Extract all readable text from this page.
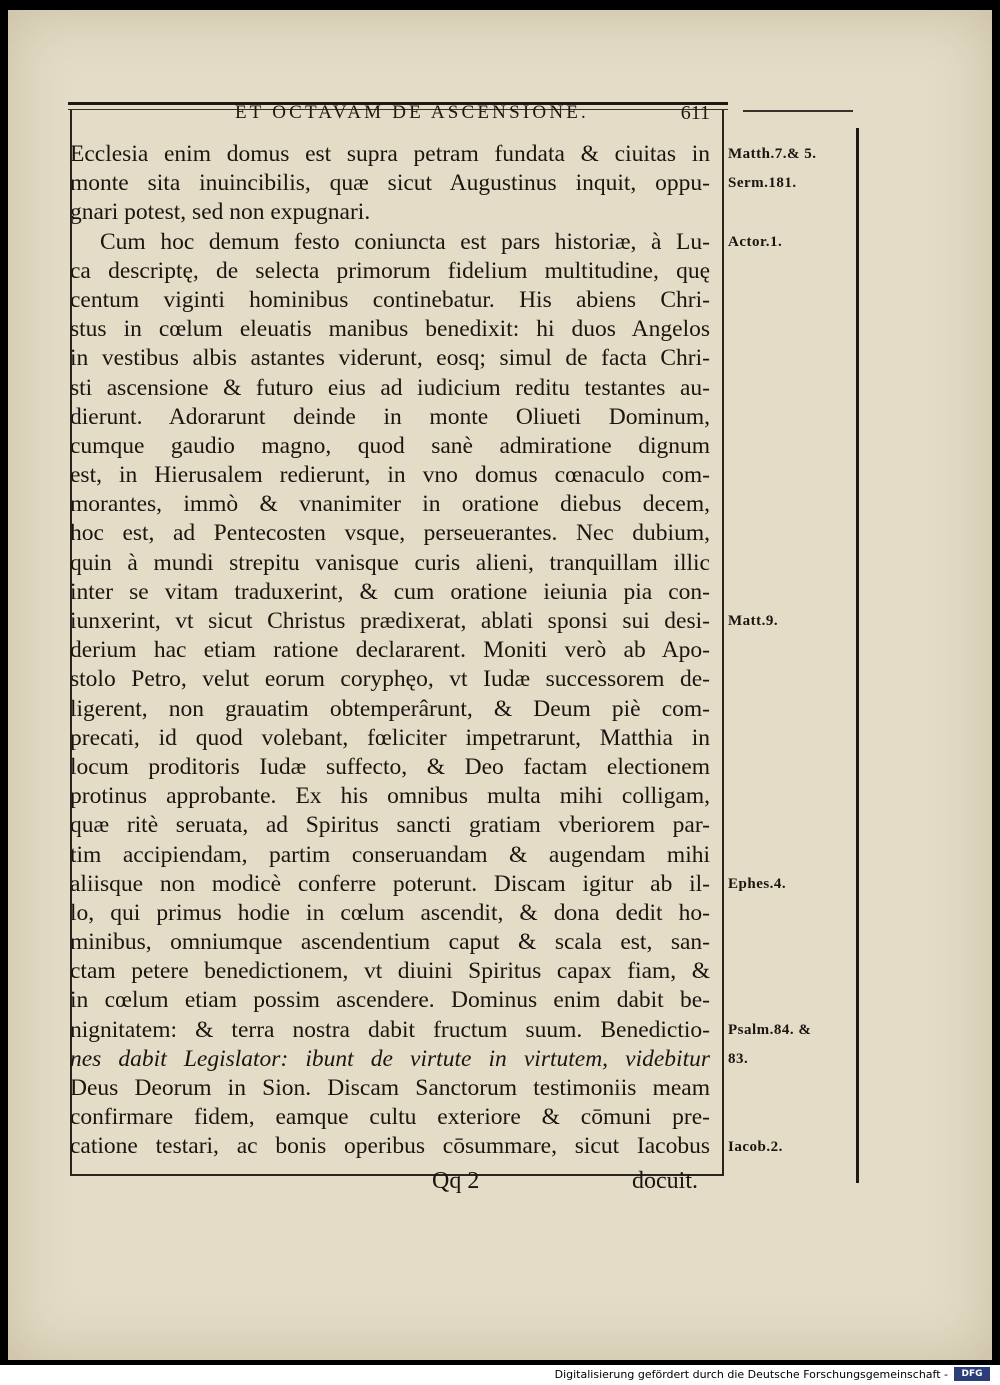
ET OCTAVAM DE ASCENSIONE.	611
Ecclesia enim domus est supra petram fundata & ciuitas in
monte sita inuincibilis, quæ sicut Augustinus inquit, oppu-
gnari potest, sed non expugnari.
Cum hoc demum festo coniuncta est pars historiæ, à Lu-
ca descriptę, de selecta primorum fidelium multitudine, quę
centum viginti hominibus continebatur. His abiens Chri-
stus in cœlum eleuatis manibus benedixit: hi duos Angelos
in vestibus albis astantes viderunt, eosq; simul de facta Chri-
sti ascensione & futuro eius ad iudicium reditu testantes au-
dierunt. Adorarunt deinde in monte Olіueti Dominum,
cumque gaudio magno, quod sanè admiratione dignum
est, in Hierusalem redierunt, in vno domus cœnaculo com-
morantes, immò & vnanimiter in oratione diebus decem,
hoc est, ad Pentecosten vsque, perseuerantes. Nec dubium,
quin à mundi strepitu vanisque curis alieni, tranquillam illic
inter se vitam traduxerint, & cum oratione ieiunia pia con-
iunxerint, vt sicut Christus prædixerat, ablati sponsi sui desi-
derium hac etiam ratione declararent. Moniti verò ab Apo-
stolo Petro, velut eorum coryphęo, vt Iudæ successorem de-
ligerent, non grauatim obtemperârunt, & Deum piè com-
precati, id quod volebant, fœliciter impetrarunt, Matthia in
locum proditoris Iudæ suffecto, & Deo factam electionem
protinus approbante. Ex his omnibus multa mihi colligam,
quæ ritè seruata, ad Spiritus sancti gratiam vberiorem par-
tim accipiendam, partim conseruandam & augendam mihi
aliisque non modicè conferre poterunt. Discam igitur ab il-
lo, qui primus hodie in cœlum ascendit, & dona dedit ho-
minibus, omniumque ascendentium caput & scala est, san-
ctam petere benedictionem, vt diuini Spiritus capax fiam, &
in cœlum etiam possim ascendere. Dominus enim dabit be-
nignitatem: & terra nostra dabit fructum suum. Benedictio-
nes dabit Legislator: ibunt de virtute in virtutem, videbitur
Deus Deorum in Sion. Discam Sanctorum testimoniis meam
confirmare fidem, eamque cultu exteriore & cōmuni pre-
catione testari, ac bonis operibus cōsummare, sicut Iacobus
Matth.7.& 5.
Serm.181.
Actor.1.
Matt.9.
Ephes.4.
Psalm.84. &
83.
Iacob.2.
Qq 2	docuit.
Digitalisierung gefördert durch die Deutsche Forschungsgemeinschaft -	DFG
